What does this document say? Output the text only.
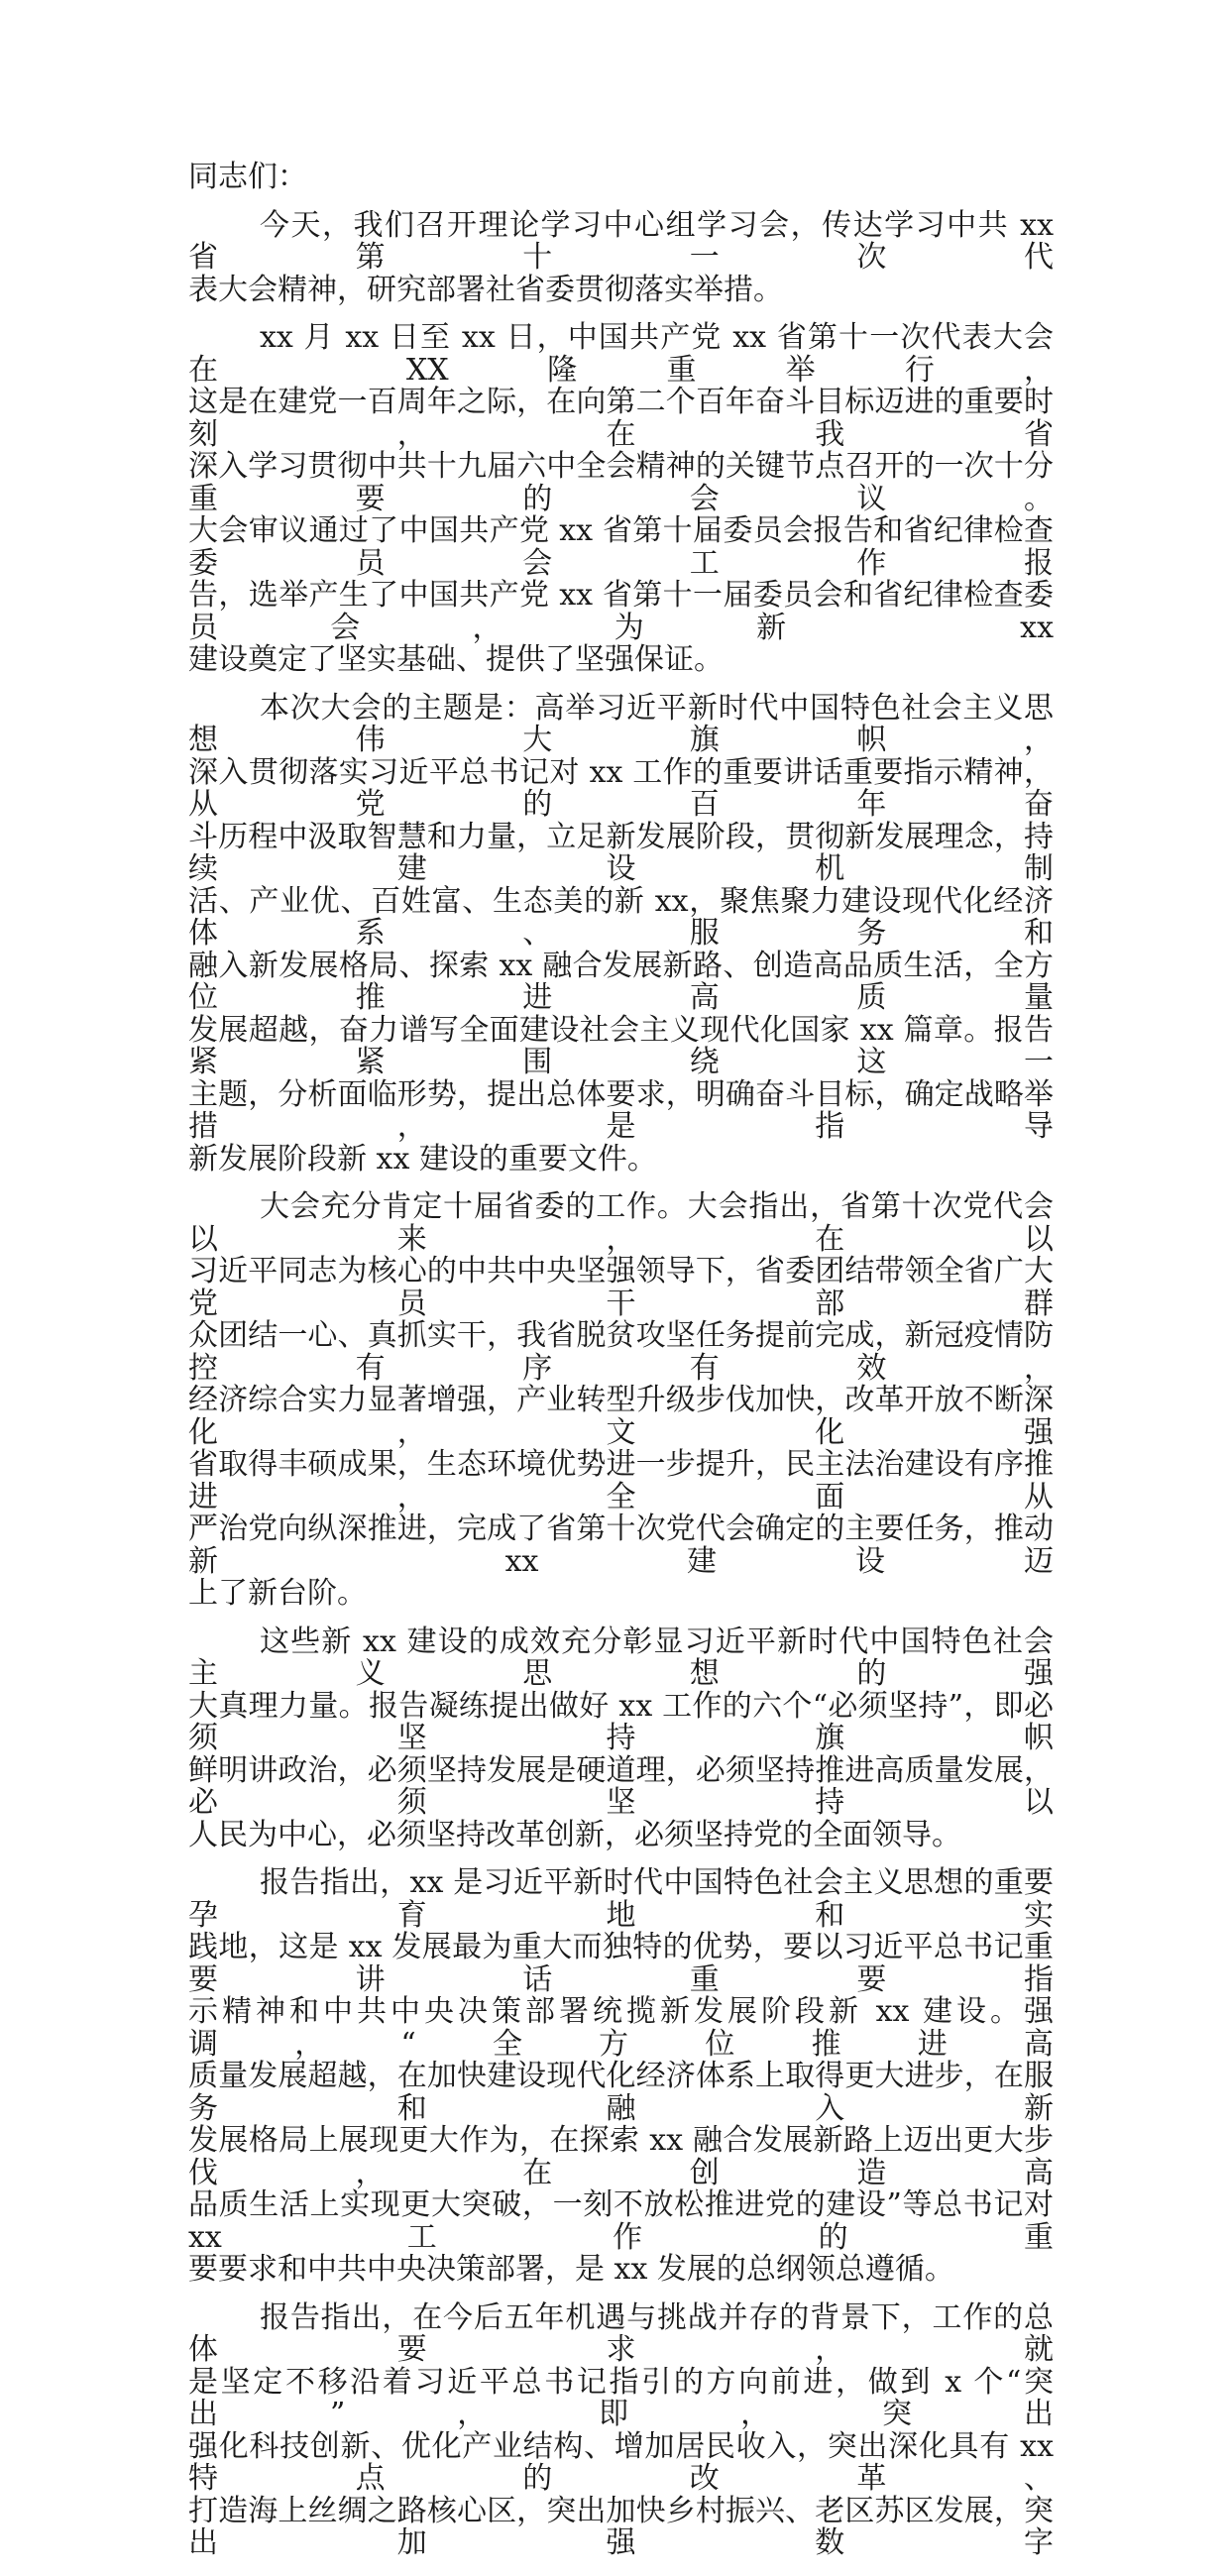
同志们：
今天，我们召开理论学习中心组学习会，传达学习中共 xx 省第十一次代
表大会精神，研究部署社省委贯彻落实举措。
xx 月 xx 日至 xx 日，中国共产党 xx 省第十一次代表大会在 XX 隆重举行，
这是在建党一百周年之际，在向第二个百年奋斗目标迈进的重要时刻，在我省
深入学习贯彻中共十九届六中全会精神的关键节点召开的一次十分重要的会议。
大会审议通过了中国共产党 xx 省第十届委员会报告和省纪律检查委员会工作报
告，选举产生了中国共产党 xx 省第十一届委员会和省纪律检查委员会，为新 xx
建设奠定了坚实基础、提供了坚强保证。
本次大会的主题是：高举习近平新时代中国特色社会主义思想伟大旗帜，
深入贯彻落实习近平总书记对 xx 工作的重要讲话重要指示精神，从党的百年奋
斗历程中汲取智慧和力量，立足新发展阶段，贯彻新发展理念，持续建设机制
活、产业优、百姓富、生态美的新 xx，聚焦聚力建设现代化经济体系、服务和
融入新发展格局、探索 xx 融合发展新路、创造高品质生活，全方位推进高质量
发展超越，奋力谱写全面建设社会主义现代化国家 xx 篇章。报告紧紧围绕这一
主题，分析面临形势，提出总体要求，明确奋斗目标，确定战略举措，是指导
新发展阶段新 xx 建设的重要文件。
大会充分肯定十届省委的工作。大会指出，省第十次党代会以来，在以
习近平同志为核心的中共中央坚强领导下，省委团结带领全省广大党员干部群
众团结一心、真抓实干，我省脱贫攻坚任务提前完成，新冠疫情防控有序有效，
经济综合实力显著增强，产业转型升级步伐加快，改革开放不断深化，文化强
省取得丰硕成果，生态环境优势进一步提升，民主法治建设有序推进，全面从
严治党向纵深推进，完成了省第十次党代会确定的主要任务，推动新 xx 建设迈
上了新台阶。
这些新 xx 建设的成效充分彰显习近平新时代中国特色社会主义思想的强
大真理力量。报告凝练提出做好 xx 工作的六个“必须坚持”，即必须坚持旗帜
鲜明讲政治，必须坚持发展是硬道理，必须坚持推进高质量发展，必须坚持以
人民为中心，必须坚持改革创新，必须坚持党的全面领导。
报告指出，xx 是习近平新时代中国特色社会主义思想的重要孕育地和实
践地，这是 xx 发展最为重大而独特的优势，要以习近平总书记重要讲话重要指
示精神和中共中央决策部署统揽新发展阶段新 xx 建设。强调，“全方位推进高
质量发展超越，在加快建设现代化经济体系上取得更大进步，在服务和融入新
发展格局上展现更大作为，在探索 xx 融合发展新路上迈出更大步伐，在创造高
品质生活上实现更大突破，一刻不放松推进党的建设”等总书记对 xx 工作的重
要要求和中共中央决策部署，是 xx 发展的总纲领总遵循。
报告指出，在今后五年机遇与挑战并存的背景下，工作的总体要求，就
是坚定不移沿着习近平总书记指引的方向前进，做到 x 个“突出”，即，突出
强化科技创新、优化产业结构、增加居民收入，突出深化具有 xx 特点的改革、
打造海上丝绸之路核心区，突出加快乡村振兴、老区苏区发展，突出加强数字
